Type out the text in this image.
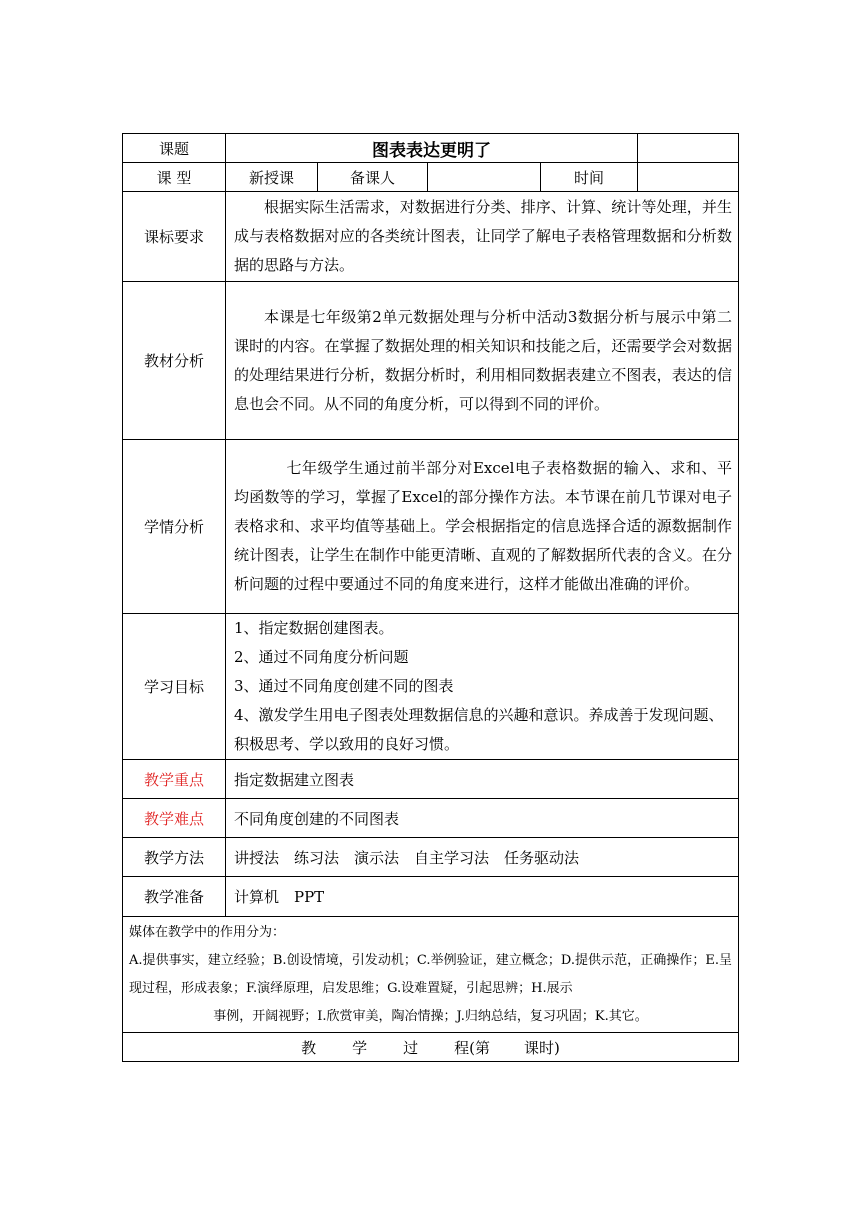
课题	图表表达更明了				
课 型	新授课	备课人		时间	
课标要求	根据实际生活需求，对数据进行分类、排序、计算、统计等处理，并生成与表格数据对应的各类统计图表，让同学了解电子表格管理数据和分析数据的思路与方法。				

教材分析	本课是七年级第2单元数据处理与分析中活动3数据分析与展示中第二课时的内容。在掌握了数据处理的相关知识和技能之后，还需要学会对数据的处理结果进行分析，数据分析时，利用相同数据表建立不图表，表达的信息也会不同。从不同的角度分析，可以得到不同的评价。				

学情分析	七年级学生通过前半部分对Excel电子表格数据的输入、求和、平均函数等的学习，掌握了Excel的部分操作方法。本节课在前几节课对电子表格求和、求平均值等基础上。学会根据指定的信息选择合适的源数据制作统计图表，让学生在制作中能更清晰、直观的了解数据所代表的含义。在分析问题的过程中要通过不同的角度来进行，这样才能做出准确的评价。				

学习目标	1、指定数据创建图表。
2、通过不同角度分析问题
3、通过不同角度创建不同的图表
4、激发学生用电子图表处理数据信息的兴趣和意识。养成善于发现问题、积极思考、学以致用的良好习惯。				

教学重点	指定数据建立图表				
教学难点	不同角度创建的不同图表				
教学方法	讲授法　练习法　演示法　自主学习法　任务驱动法				
教学准备	计算机　PPT				

媒体在教学中的作用分为：
A.提供事实，建立经验；B.创设情境，引发动机；C.举例验证，建立概念；D.提供示范，正确操作；E.呈现过程，形成表象；F.演绎原理，启发思维；G.设难置疑，引起思辨；H.展示
事例，开阔视野；I.欣赏审美，陶冶情操；J.归纳总结，复习巩固；K.其它。					

教 学 过 程(第 课时)					
